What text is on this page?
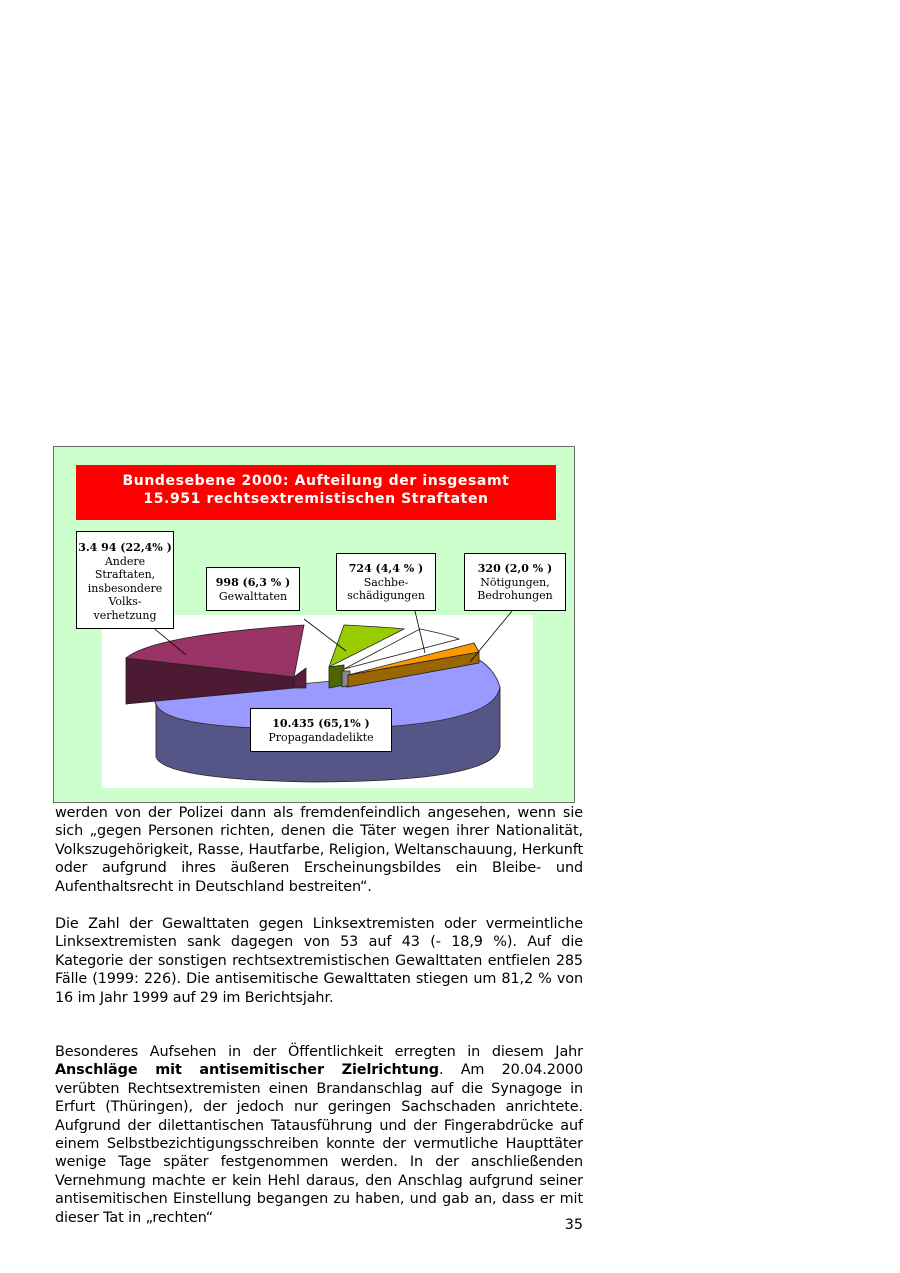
Bundesebene 2000: Aufteilung der insgesamt
15.951 rechtsextremistischen Straftaten
3.4 94 (22,4% )
Andere
Straftaten,
insbesondere
Volks-
verhetzung
998 (6,3 % )
Gewalttaten
724 (4,4 % )
Sachbe-
schädigungen
320 (2,0 % )
Nötigungen,
Bedrohungen
10.435 (65,1% )
Propagandadelikte

werden von der Polizei dann als fremdenfeindlich angesehen, wenn sie sich „gegen Personen richten, denen die Täter wegen ihrer Nationalität, Volkszugehörigkeit, Rasse, Hautfarbe, Religion, Weltanschauung, Herkunft oder aufgrund ihres äußeren Erscheinungsbildes ein Bleibe- und Aufenthaltsrecht in Deutschland bestreiten“.

Die Zahl der Gewalttaten gegen Linksextremisten oder vermeintliche Linksextremisten sank dagegen von 53 auf 43 (- 18,9 %). Auf die Kategorie der sonstigen rechtsextremistischen Gewalttaten entfielen 285 Fälle (1999: 226). Die antisemitische Gewalttaten stiegen um 81,2 % von 16 im Jahr 1999 auf 29 im Berichtsjahr.

Besonderes Aufsehen in der Öffentlichkeit erregten in diesem Jahr Anschläge mit antisemitischer Zielrichtung. Am 20.04.2000 verübten Rechtsextremisten einen Brandanschlag auf die Synagoge in Erfurt (Thüringen), der jedoch nur geringen Sachschaden anrichtete. Aufgrund der dilettantischen Tatausführung und der Fingerabdrücke auf einem Selbstbezichtigungsschreiben konnte der vermutliche Haupttäter wenige Tage später festgenommen werden. In der anschließenden Vernehmung machte er kein Hehl daraus, den Anschlag aufgrund seiner antisemitischen Einstellung begangen zu haben, und gab an, dass er mit dieser Tat in „rechten“	35
